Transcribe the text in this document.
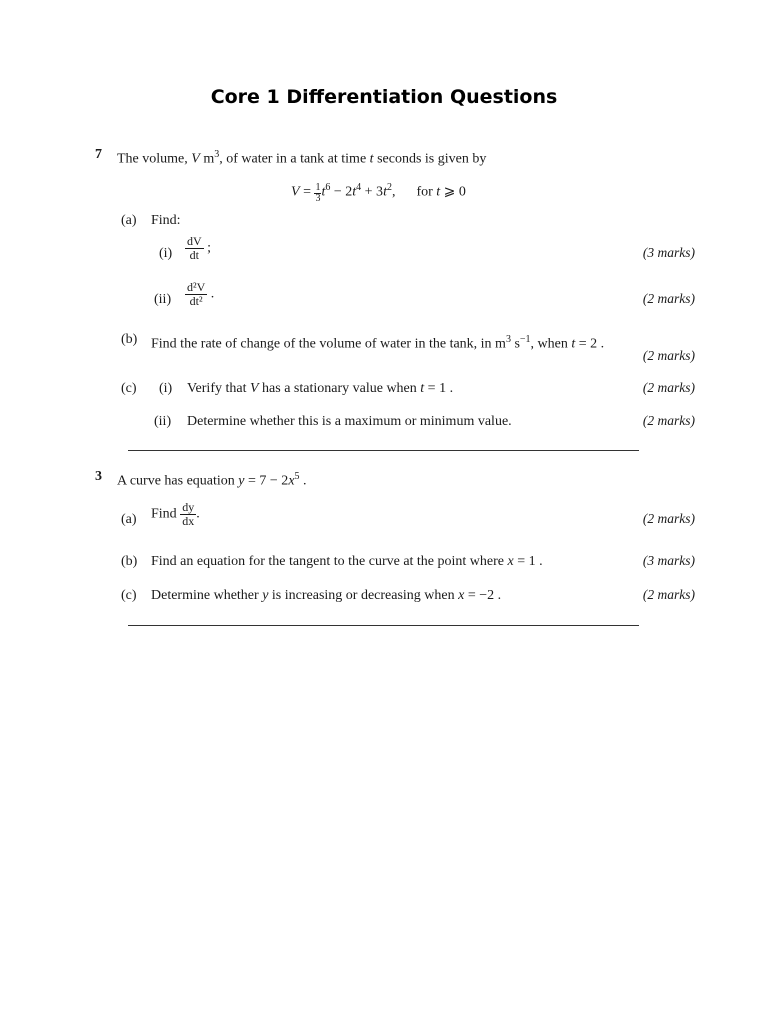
Core 1 Differentiation Questions
7 The volume, V $m^3$, of water in a tank at time t seconds is given by
$V = \frac{1}{3} t^6 - 2t^4 + 3t^2$, for t ⩾ 0
(a) Find:
$(i) \frac{dV}{dt}$ ;	(3 marks)
$(ii) \frac{\text{d²V}}{\text{dt²}}$ .	(2 marks)
(b) Find the rate of change of the volume of water in the tank, in $m^3$ $s^{-1}$, when t = 2 .
(2 marks)
(c) (i) Verify that V has a stationary value when t = 1 .	(2 marks)
(ii) Determine whether this is a maximum or minimum value.	(2 marks)
3 A curve has equation $y = 7 - 2x^5$ .
(a) Find $\frac{dy}{dx}$ .	(2 marks)
(b) Find an equation for the tangent to the curve at the point where x = 1 .	(3 marks)
(c) Determine whether y is increasing or decreasing when x = −2 .	(2 marks)
